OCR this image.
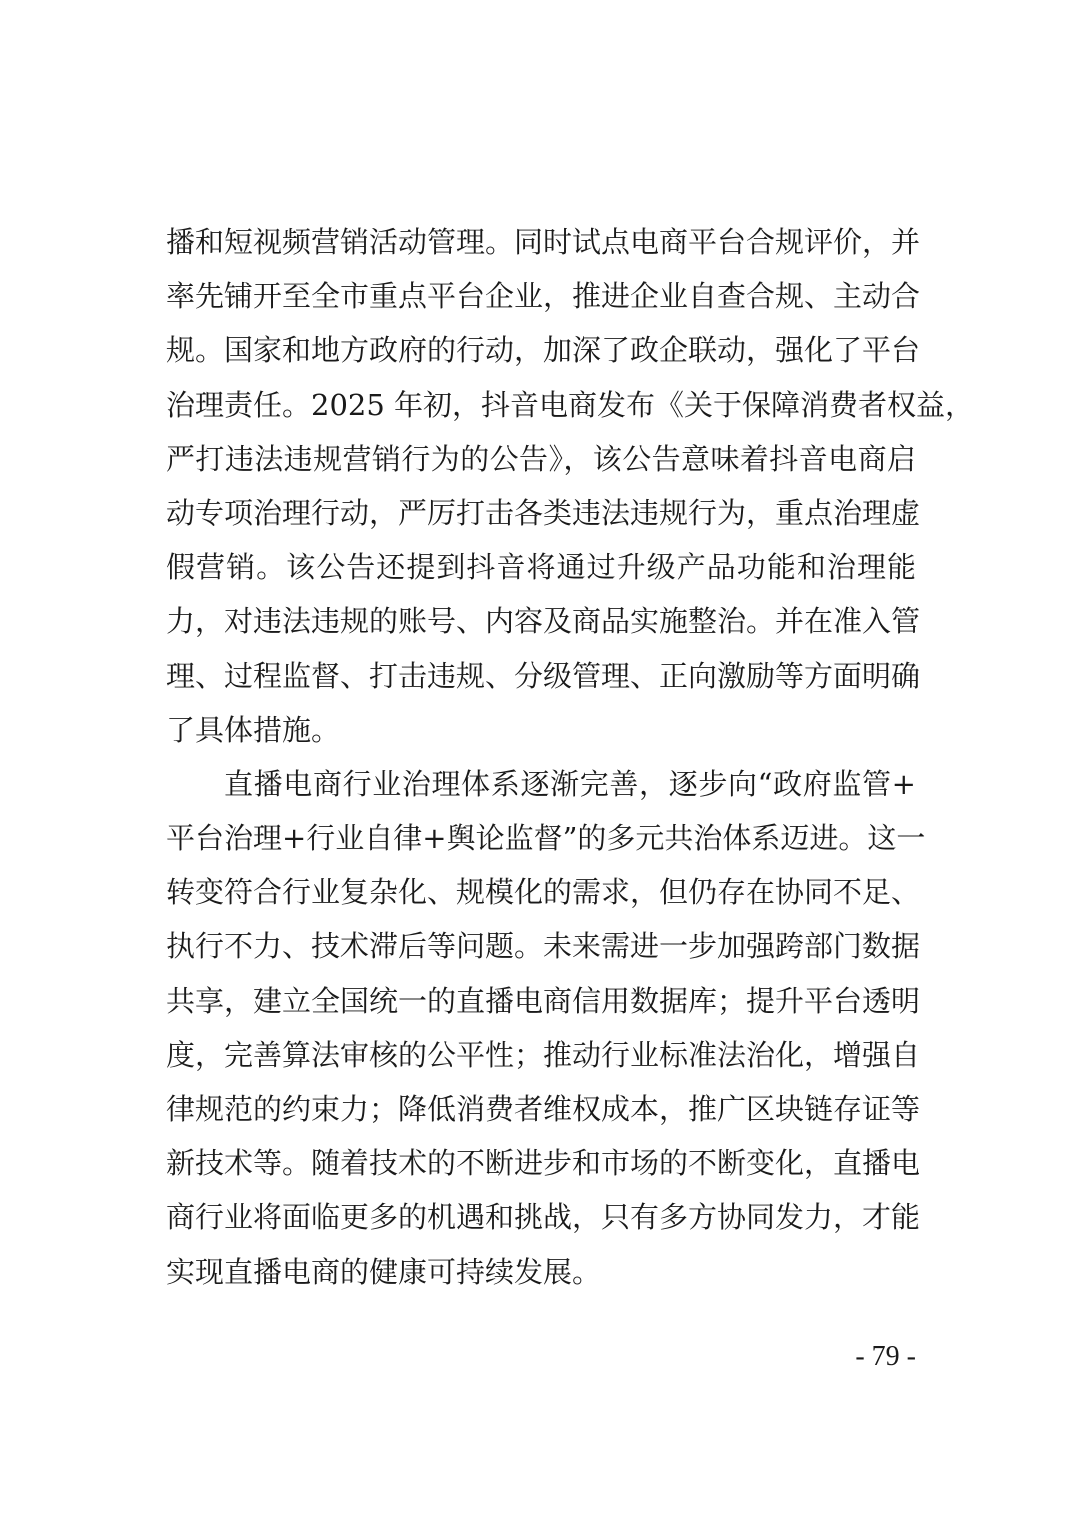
播和短视频营销活动管理。同时试点电商平台合规评价，并
率先铺开至全市重点平台企业，推进企业自查合规、主动合
规。国家和地方政府的行动，加深了政企联动，强化了平台
治理责任。2025 年初，抖音电商发布《关于保障消费者权益，
严打违法违规营销行为的公告》，该公告意味着抖音电商启
动专项治理行动，严厉打击各类违法违规行为，重点治理虚
假营销。该公告还提到抖音将通过升级产品功能和治理能
力，对违法违规的账号、内容及商品实施整治。并在准入管
理、过程监督、打击违规、分级管理、正向激励等方面明确
了具体措施。
直播电商行业治理体系逐渐完善，逐步向“政府监管+
平台治理+行业自律+舆论监督”的多元共治体系迈进。这一
转变符合行业复杂化、规模化的需求，但仍存在协同不足、
执行不力、技术滞后等问题。未来需进一步加强跨部门数据
共享，建立全国统一的直播电商信用数据库；提升平台透明
度，完善算法审核的公平性；推动行业标准法治化，增强自
律规范的约束力；降低消费者维权成本，推广区块链存证等
新技术等。随着技术的不断进步和市场的不断变化，直播电
商行业将面临更多的机遇和挑战，只有多方协同发力，才能
实现直播电商的健康可持续发展。
- 79 -
